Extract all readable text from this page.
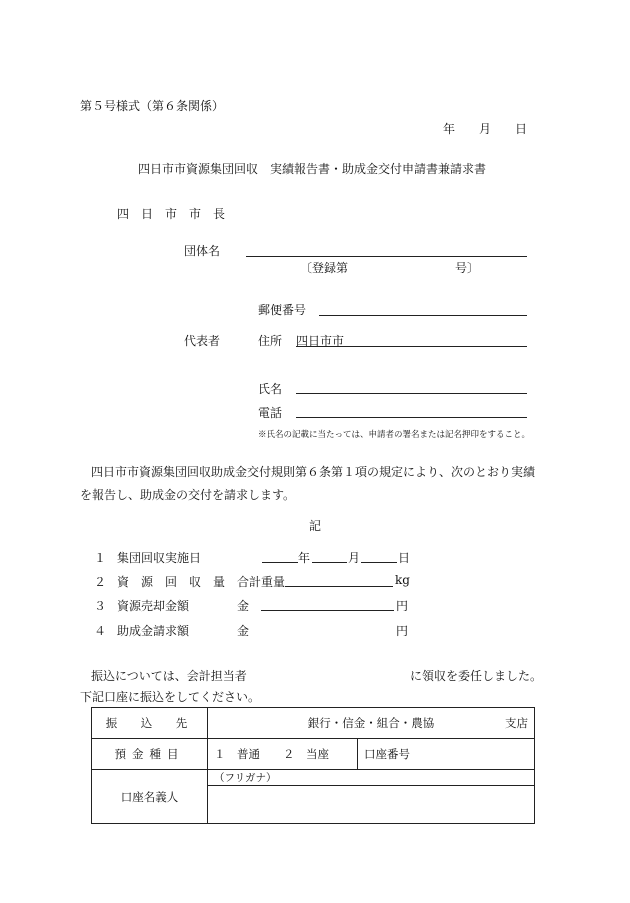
第５号様式（第６条関係）
年　　月　　日
四日市市資源集団回収　実績報告書・助成金交付申請書兼請求書
四　日　市　市　長
団体名
〔登録第	号〕
郵便番号
代表者	住所 四日市市
氏名
電話
※氏名の記載に当たっては、申請者の署名または記名押印をすること。
四日市市資源集団回収助成金交付規則第６条第１項の規定により、次のとおり実績
を報告し、助成金の交付を請求します。
記
１ 集団回収実施日	年	月	日
２ 資　源　回　収　量 合計重量	kg
３ 資源売却金額	金	円
４ 助成金請求額	金	円
振込については、会計担当者	に領収を委任しました。
下記口座に振込をしてください。
振　込　先	銀行・信金・組合・農協 支店	

預金種目	１　普通　　２　当座	口座番号
口座名義人	（フリガナ）	
